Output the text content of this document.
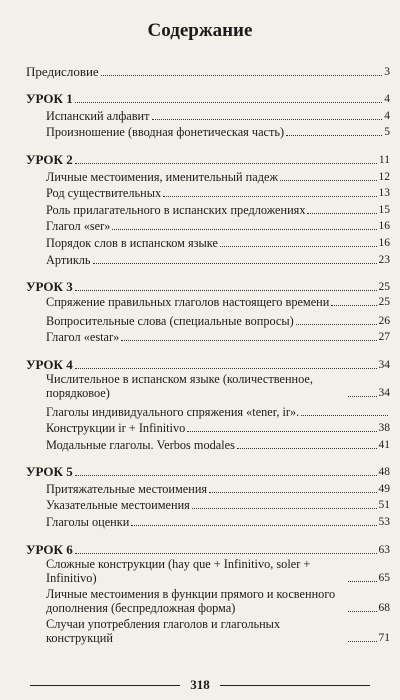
Содержание
Предисловие	3
УРОК 1	4
Испанский алфавит	4
Произношение (вводная фонетическая часть)	5
УРОК 2	11
Личные местоимения, именительный падеж	12
Род существительных	13
Роль прилагательного в испанских предложениях	15
Глагол «ser»	16
Порядок слов в испанском языке	16
Артикль	23
УРОК 3	25
Спряжение правильных глаголов настоящего времени	25
Вопросительные слова (специальные вопросы)	26
Глагол «estar»	27
УРОК 4	34
Числительное в испанском языке (количественное, порядковое)	34
Глаголы индивидуального спряжения «tener, ir».
Конструкции ir + Infinitivo	38
Модальные глаголы. Verbos modales	41
УРОК 5	48
Притяжательные местоимения	49
Указательные местоимения	51
Глаголы оценки	53
УРОК 6	63
Сложные конструкции (hay que + Infinitivo, soler + Infinitivo)	65
Личные местоимения в функции прямого и косвенного дополнения (беспредложная форма)	68
Случаи употребления глаголов и глагольных конструкций	71
318
